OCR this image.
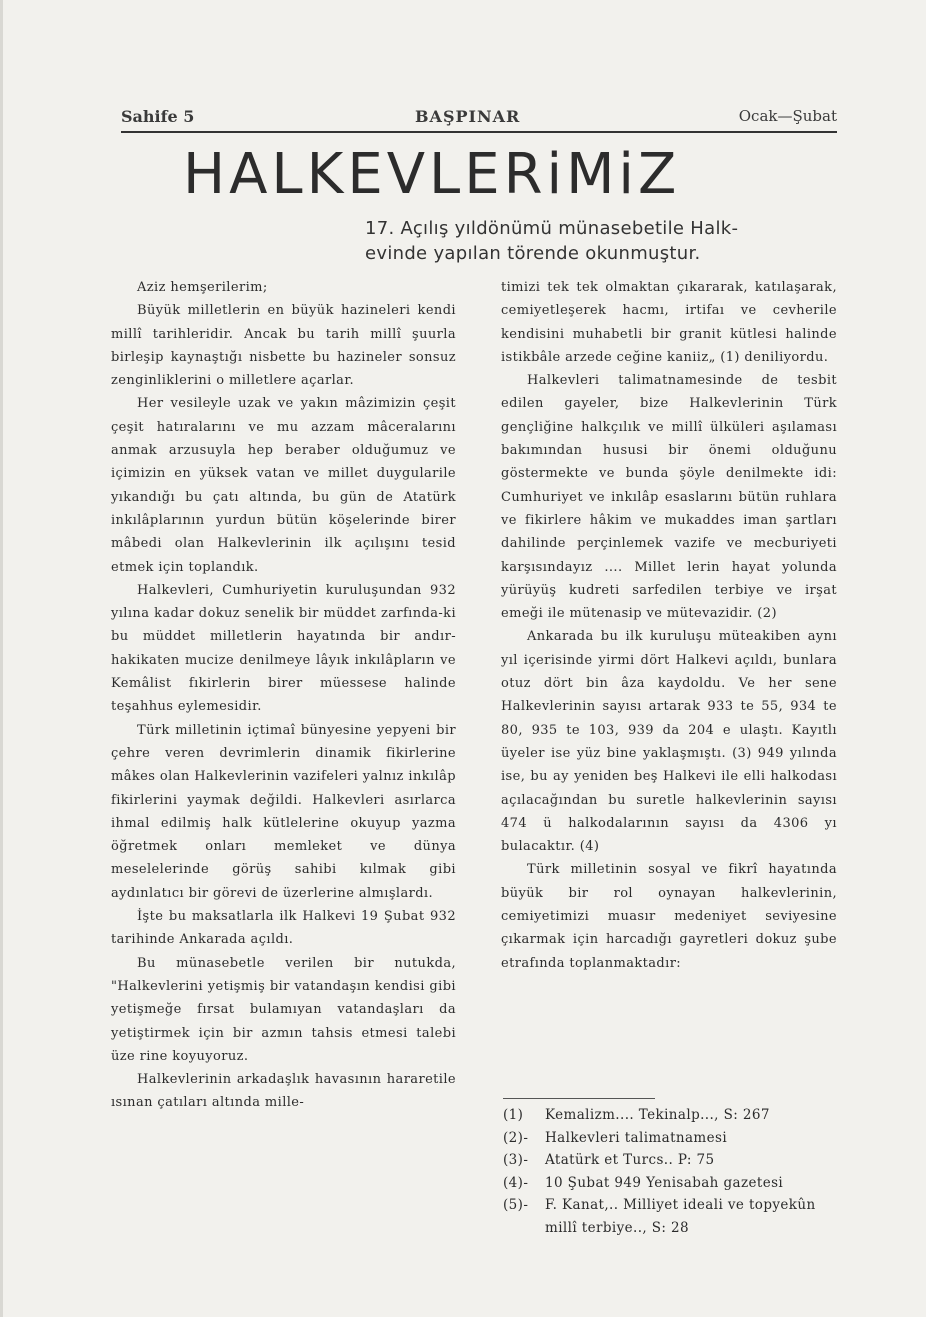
Sahife 5	BAŞPINAR	Ocak—Şubat
HALKEVLERiMiZ
17. Açılış yıldönümü münasebetile Halk-
evinde yapılan törende okunmuştur.

Aziz hemşerilerim;

Büyük milletlerin en büyük hazineleri kendi millî tarihleridir. Ancak bu tarih millî şuurla birleşip kaynaştığı nisbette bu hazineler sonsuz zenginliklerini o milletlere açarlar.

Her vesileyle uzak ve yakın mâzimizin çeşit çeşit hatıralarını ve mu azzam mâceralarını anmak arzusuyla hep beraber olduğumuz ve içimizin en yüksek vatan ve millet duygularile yıkandığı bu çatı altında, bu gün de Atatürk inkılâplarının yurdun bütün köşelerinde birer mâbedi olan Halkevlerinin ilk açılışını tesid etmek için toplandık.

Halkevleri, Cumhuriyetin kuruluşundan 932 yılına kadar dokuz senelik bir müddet zarfında-ki bu müddet milletlerin hayatında bir andır- hakikaten mucize denilmeye lâyık inkılâpların ve Kemâlist fıkirlerin birer müessese halinde teşahhus eylemesidir.

Türk milletinin içtimaî bünyesine yepyeni bir çehre veren devrimlerin dinamik fikirlerine mâkes olan Halkevlerinin vazifeleri yalnız inkılâp fikirlerini yaymak değildi. Halkevleri asırlarca ihmal edilmiş halk kütlelerine okuyup yazma öğretmek onları memleket ve dünya meselelerinde görüş sahibi kılmak gibi aydınlatıcı bir görevi de üzerlerine almışlardı.

İşte bu maksatlarla ilk Halkevi 19 Şubat 932 tarihinde Ankarada açıldı.

Bu münasebetle verilen bir nutukda, "Halkevlerini yetişmiş bir vatandaşın kendisi gibi yetişmeğe fırsat bulamıyan vatandaşları da yetiştirmek için bir azmın tahsis etmesi talebi üze rine koyuyoruz.

Halkevlerinin arkadaşlık havasının hararetile ısınan çatıları altında mille-

timizi tek tek olmaktan çıkararak, katılaşarak, cemiyetleşerek hacmı, irtifaı ve cevherile kendisini muhabetli bir granit kütlesi halinde istikbâle arzede ceğine kaniiz„ (1) deniliyordu.

Halkevleri talimatnamesinde de tesbit edilen gayeler, bize Halkevlerinin Türk gençliğine halkçılık ve millî ülküleri aşılaması bakımından hususi bir önemi olduğunu göstermekte ve bunda şöyle denilmekte idi: Cumhuriyet ve inkılâp esaslarını bütün ruhlara ve fikirlere hâkim ve mukaddes iman şartları dahilinde perçinlemek vazife ve mecburiyeti karşısındayız .... Millet lerin hayat yolunda yürüyüş kudreti sarfedilen terbiye ve irşat emeği ile mütenasip ve mütevazidir. (2)

Ankarada bu ilk kuruluşu müteakiben aynı yıl içerisinde yirmi dört Halkevi açıldı, bunlara otuz dört bin âza kaydoldu. Ve her sene Halkevlerinin sayısı artarak 933 te 55, 934 te 80, 935 te 103, 939 da 204 e ulaştı. Kayıtlı üyeler ise yüz bine yaklaşmıştı. (3) 949 yılında ise, bu ay yeniden beş Halkevi ile elli halkodası açılacağından bu suretle halkevlerinin sayısı 474 ü halkodalarının sayısı da 4306 yı bulacaktır. (4)

Türk milletinin sosyal ve fikrî hayatında büyük bir rol oynayan halkevlerinin, cemiyetimizi muasır medeniyet seviyesine çıkarmak için harcadığı gayretleri dokuz şube etrafında toplanmaktadır:

(1) Kemalizm.... Tekinalp..., S: 267
(2)- Halkevleri talimatnamesi
(3)- Atatürk et Turcs.. P: 75
(4)- 10 Şubat 949 Yenisabah gazetesi
(5)- F. Kanat,.. Milliyet ideali ve topyekûn millî terbiye.., S: 28
